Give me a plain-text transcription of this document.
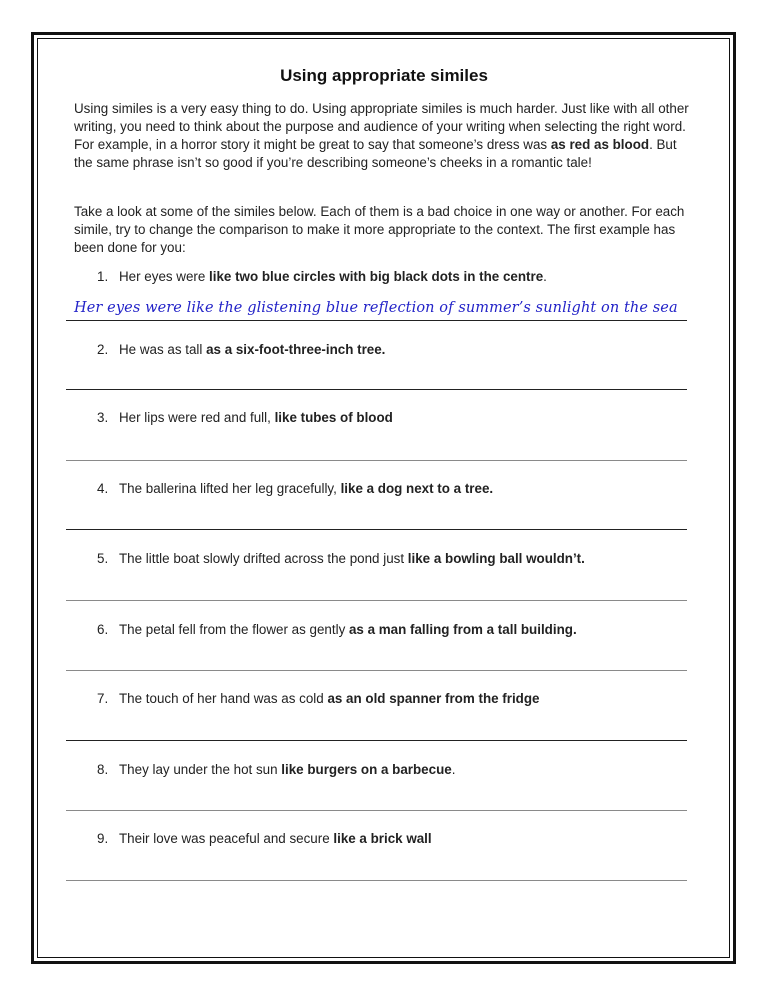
Using appropriate similes

Using similes is a very easy thing to do. Using appropriate similes is much harder. Just like with all other writing, you need to think about the purpose and audience of your writing when selecting the right word. For example, in a horror story it might be great to say that someone’s dress was as red as blood. But the same phrase isn’t so good if you’re describing someone’s cheeks in a romantic tale!

Take a look at some of the similes below. Each of them is a bad choice in one way or another. For each simile, try to change the comparison to make it more appropriate to the context. The first example has been done for you:

1. Her eyes were like two blue circles with big black dots in the centre.
Her eyes were like the glistening blue reflection of summer’s sunlight on the sea
2. He was as tall as a six-foot-three-inch tree.
3. Her lips were red and full, like tubes of blood
4. The ballerina lifted her leg gracefully, like a dog next to a tree.
5. The little boat slowly drifted across the pond just like a bowling ball wouldn’t.
6. The petal fell from the flower as gently as a man falling from a tall building.
7. The touch of her hand was as cold as an old spanner from the fridge
8. They lay under the hot sun like burgers on a barbecue.
9. Their love was peaceful and secure like a brick wall
